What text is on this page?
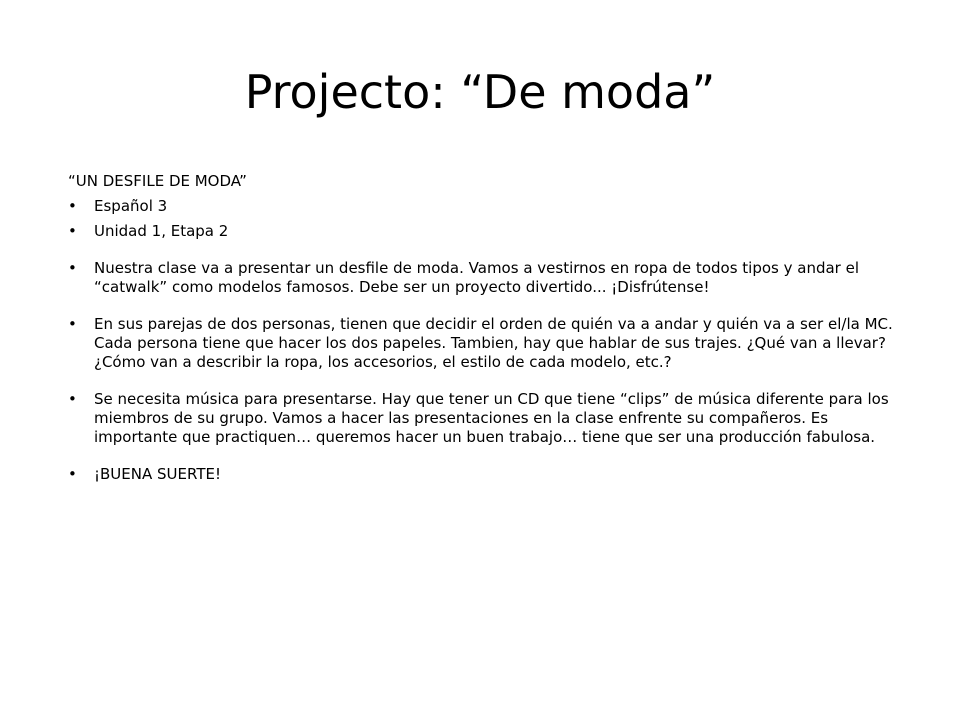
Projecto: “De moda”
“UN DESFILE DE MODA”
•	Español 3
•	Unidad 1, Etapa 2
•	Nuestra clase va a presentar un desfile de moda. Vamos a vestirnos en ropa de todos tipos y andar el “catwalk” como modelos famosos. Debe ser un proyecto divertido... ¡Disfrútense!
•	En sus parejas de dos personas, tienen que decidir el orden de quién va a andar y quién va a ser el/la MC. Cada persona tiene que hacer los dos papeles. Tambien, hay que hablar de sus trajes. ¿Qué van a llevar? ¿Cómo van a describir la ropa, los accesorios, el estilo de cada modelo, etc.?
•	Se necesita música para presentarse. Hay que tener un CD que tiene “clips” de música diferente para los miembros de su grupo. Vamos a hacer las presentaciones en la clase enfrente su compañeros. Es importante que practiquen… queremos hacer un buen trabajo… tiene que ser una producción fabulosa.
•	¡BUENA SUERTE!
